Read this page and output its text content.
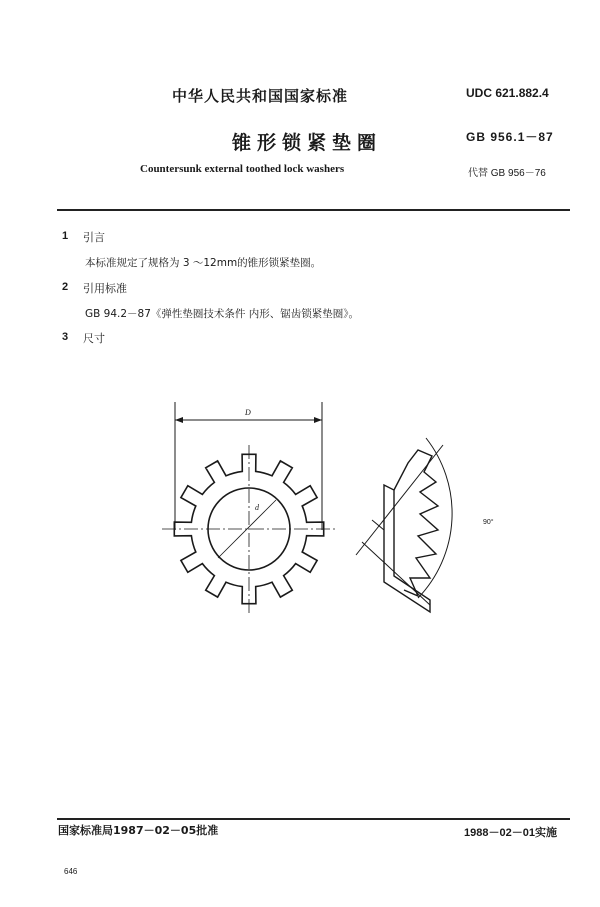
中华人民共和国国家标准	UDC 621.882.4
锥形锁紧垫圈	GB 956.1－87
Countersunk external toothed lock washers	代替 GB 956－76
1 引言
本标准规定了规格为 3 ～12mm的锥形锁紧垫圈。
2 引用标准
GB 94.2－87《弹性垫圈技术条件 内形、锯齿锁紧垫圈》。
3 尺寸
D
d
90°
国家标准局1987－02－05批准	1988－02－01实施
646
